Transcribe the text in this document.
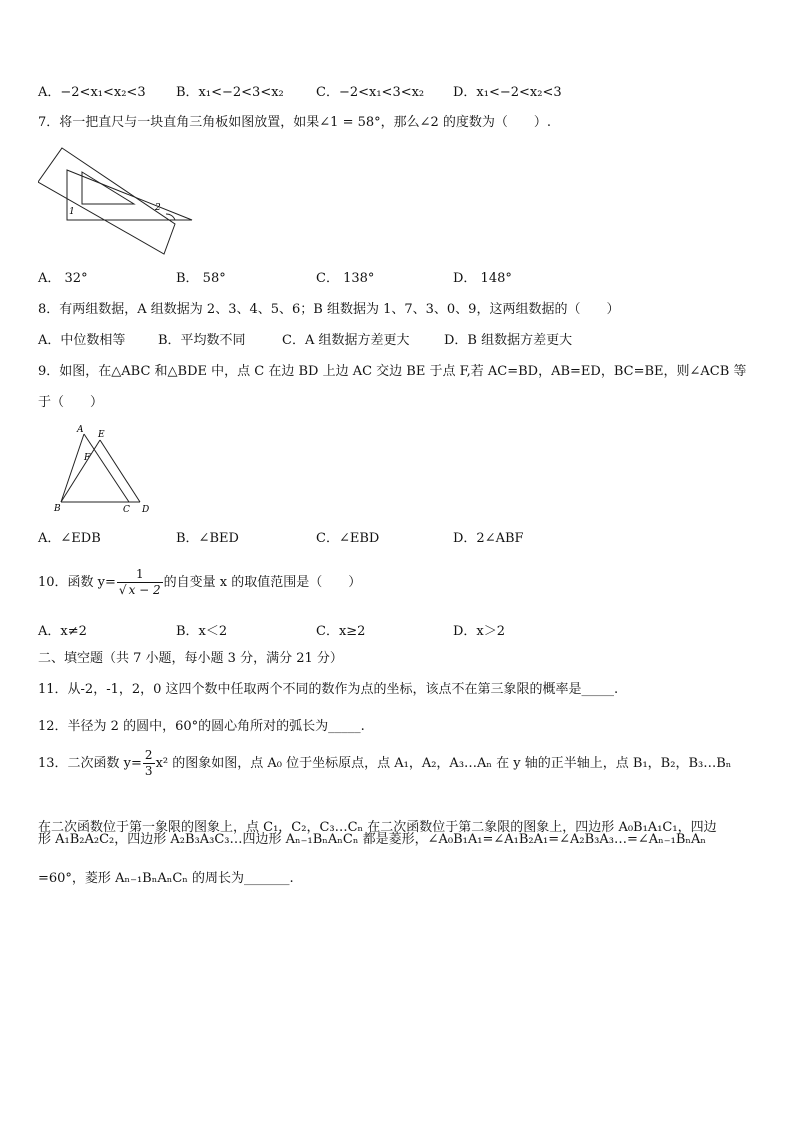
A．−2<x₁<x₂<3 B．x₁<−2<3<x₂ C．−2<x₁<3<x₂ D．x₁<−2<x₂<3
7．将一把直尺与一块直角三角板如图放置，如果∠1 = 58°，那么∠2 的度数为（　　）.
1	2
A． 32°	B． 58°	C． 138°	D． 148°
8．有两组数据，A 组数据为 2、3、4、5、6；B 组数据为 1、7、3、0、9，这两组数据的（　　）
A．中位数相等	B．平均数不同	C．A 组数据方差更大	D．B 组数据方差更大
9．如图，在△ABC 和△BDE 中，点 C 在边 BD 上边 AC 交边 BE 于点 F,若 AC=BD，AB=ED，BC=BE，则∠ACB 等
于（　　）
A E
F
B	C D
A．∠EDB	B．∠BED	C．∠EBD	D．2∠ABF
10．函数 $y= \frac{1}{√ x - 2}$ 的自变量 x 的取值范围是（　　）
A．x≠2	B．x＜2	C．x≥2	D．x＞2
二、填空题（共 7 小题，每小题 3 分，满分 21 分）
11．从-2，-1，2，0 这四个数中任取两个不同的数作为点的坐标，该点不在第三象限的概率是_____.
12．半径为 2 的圆中，60°的圆心角所对的弧长为_____.
13．二次函数 $y= \frac{2}{3} x^2$ 的图象如图，点 A₀ 位于坐标原点，点 A₁，A₂，A₃…Aₙ 在 y 轴的正半轴上，点 B₁，B₂，B₃…Bₙ
在二次函数位于第一象限的图象上，点 C₁，C₂，C₃…Cₙ 在二次函数位于第二象限的图象上，四边形 A₀B₁A₁C₁，四边
形 A₁B₂A₂C₂，四边形 A₂B₃A₃C₃…四边形 Aₙ₋₁BₙAₙCₙ 都是菱形，∠A₀B₁A₁=∠A₁B₂A₁=∠A₂B₃A₃…=∠Aₙ₋₁BₙAₙ
=60°，菱形 Aₙ₋₁BₙAₙCₙ 的周长为_______.
